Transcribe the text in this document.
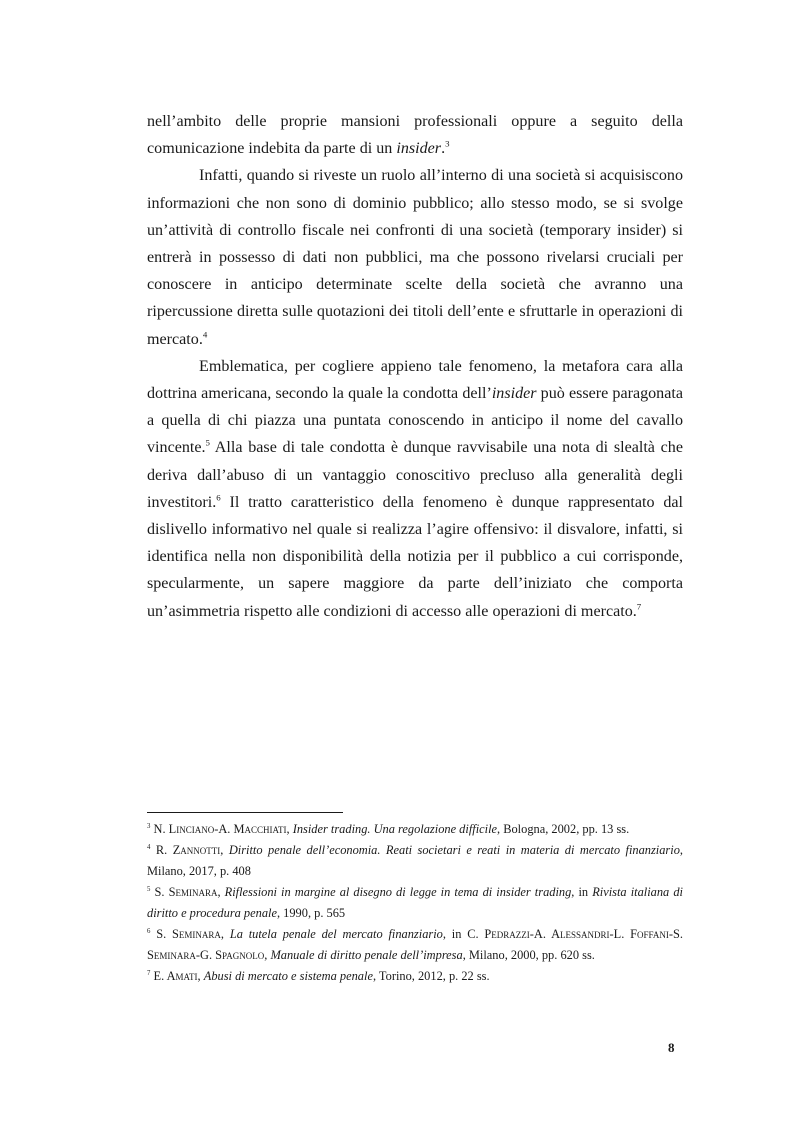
nell’ambito delle proprie mansioni professionali oppure a seguito della comunicazione indebita da parte di un insider.$^3$

Infatti, quando si riveste un ruolo all’interno di una società si acquisiscono informazioni che non sono di dominio pubblico; allo stesso modo, se si svolge un’attività di controllo fiscale nei confronti di una società (temporary insider) si entrerà in possesso di dati non pubblici, ma che possono rivelarsi cruciali per conoscere in anticipo determinate scelte della società che avranno una ripercussione diretta sulle quotazioni dei titoli dell’ente e sfruttarle in operazioni di mercato.$^4$

Emblematica, per cogliere appieno tale fenomeno, la metafora cara alla dottrina americana, secondo la quale la condotta dell’insider può essere paragonata a quella di chi piazza una puntata conoscendo in anticipo il nome del cavallo vincente.$^5$ Alla base di tale condotta è dunque ravvisabile una nota di slealtà che deriva dall’abuso di un vantaggio conoscitivo precluso alla generalità degli investitori.$^6$ Il tratto caratteristico della fenomeno è dunque rappresentato dal dislivello informativo nel quale si realizza l’agire offensivo: il disvalore, infatti, si identifica nella non disponibilità della notizia per il pubblico a cui corrisponde, specularmente, un sapere maggiore da parte dell’iniziato che comporta un’asimmetria rispetto alle condizioni di accesso alle operazioni di mercato.$^7$

$^3$ N. Linciano-A. Macchiati, Insider trading. Una regolazione difficile, Bologna, 2002, pp. 13 ss.

$^4$ R. Zannotti, Diritto penale dell’economia. Reati societari e reati in materia di mercato finanziario, Milano, 2017, p. 408

$^5$ S. Seminara, Riflessioni in margine al disegno di legge in tema di insider trading, in Rivista italiana di diritto e procedura penale, 1990, p. 565

$^6$ S. Seminara, La tutela penale del mercato finanziario, in C. Pedrazzi-A. Alessandri-L. Foffani-S. Seminara-G. Spagnolo, Manuale di diritto penale dell’impresa, Milano, 2000, pp. 620 ss.

$^7$ E. Amati, Abusi di mercato e sistema penale, Torino, 2012, p. 22 ss.

8
